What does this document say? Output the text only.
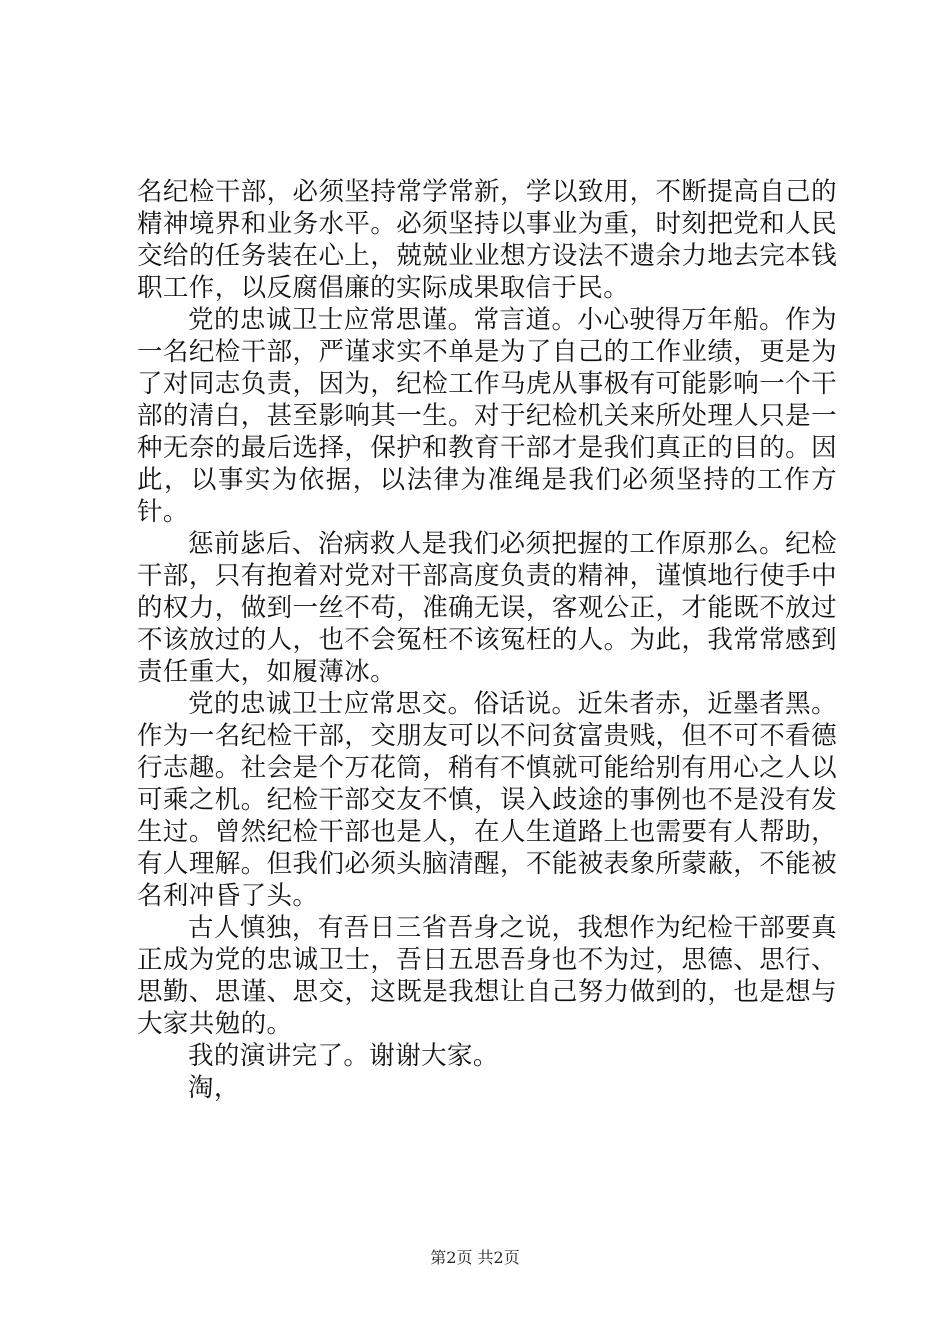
名纪检干部，必须坚持常学常新，学以致用，不断提高自己的精神境界和业务水平。必须坚持以事业为重，时刻把党和人民交给的任务装在心上，兢兢业业想方设法不遗余力地去完本钱职工作，以反腐倡廉的实际成果取信于民。

党的忠诚卫士应常思谨。常言道。小心驶得万年船。作为一名纪检干部，严谨求实不单是为了自己的工作业绩，更是为了对同志负责，因为，纪检工作马虎从事极有可能影响一个干部的清白，甚至影响其一生。对于纪检机关来所处理人只是一种无奈的最后选择，保护和教育干部才是我们真正的目的。因此，以事实为依据，以法律为准绳是我们必须坚持的工作方针。

惩前毖后、治病救人是我们必须把握的工作原那么。纪检干部，只有抱着对党对干部高度负责的精神，谨慎地行使手中的权力，做到一丝不苟，准确无误，客观公正，才能既不放过不该放过的人，也不会冤枉不该冤枉的人。为此，我常常感到责任重大，如履薄冰。

党的忠诚卫士应常思交。俗话说。近朱者赤，近墨者黑。作为一名纪检干部，交朋友可以不问贫富贵贱，但不可不看德行志趣。社会是个万花筒，稍有不慎就可能给别有用心之人以可乘之机。纪检干部交友不慎，误入歧途的事例也不是没有发生过。曾然纪检干部也是人，在人生道路上也需要有人帮助，有人理解。但我们必须头脑清醒，不能被表象所蒙蔽，不能被名利冲昏了头。

古人慎独，有吾日三省吾身之说，我想作为纪检干部要真正成为党的忠诚卫士，吾日五思吾身也不为过，思德、思行、思勤、思谨、思交，这既是我想让自己努力做到的，也是想与大家共勉的。

我的演讲完了。谢谢大家。

淘，

第2页 共2页
